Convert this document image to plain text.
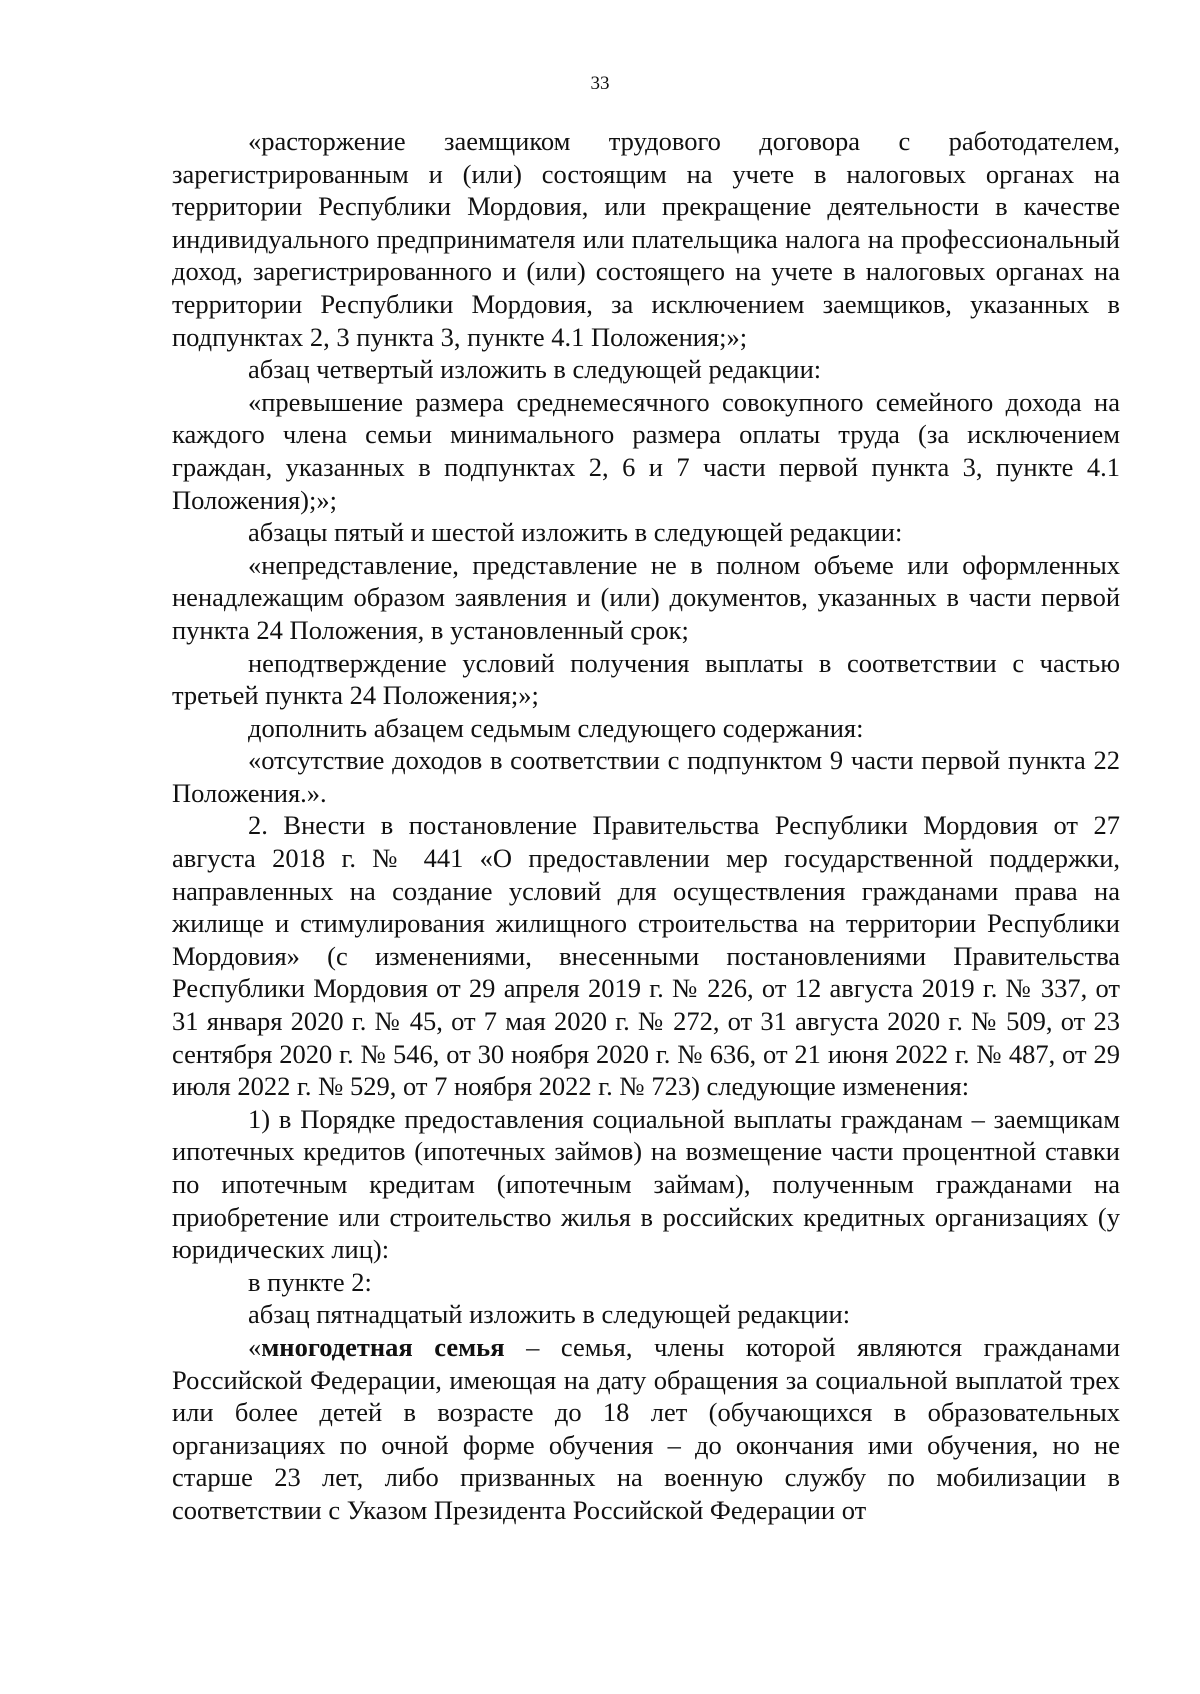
33

«расторжение заемщиком трудового договора с работодателем, зарегистрированным и (или) состоящим на учете в налоговых органах на территории Республики Мордовия, или прекращение деятельности в качестве индивидуального предпринимателя или плательщика налога на профессиональный доход, зарегистрированного и (или) состоящего на учете в налоговых органах на территории Республики Мордовия, за исключением заемщиков, указанных в подпунктах 2, 3 пункта 3, пункте 4.1 Положения;»;

абзац четвертый изложить в следующей редакции:

«превышение размера среднемесячного совокупного семейного дохода на каждого члена семьи минимального размера оплаты труда (за исключением граждан, указанных в подпунктах 2, 6 и 7 части первой пункта 3, пункте 4.1 Положения);»;

абзацы пятый и шестой изложить в следующей редакции:

«непредставление, представление не в полном объеме или оформленных ненадлежащим образом заявления и (или) документов, указанных в части первой пункта 24 Положения, в установленный срок;

неподтверждение условий получения выплаты в соответствии с частью третьей пункта 24 Положения;»;

дополнить абзацем седьмым следующего содержания:

«отсутствие доходов в соответствии с подпунктом 9 части первой пункта 22 Положения.».

2. Внести в постановление Правительства Республики Мордовия от 27 августа 2018 г. № 441 «О предоставлении мер государственной поддержки, направленных на создание условий для осуществления гражданами права на жилище и стимулирования жилищного строительства на территории Республики Мордовия» (с изменениями, внесенными постановлениями Правительства Республики Мордовия от 29 апреля 2019 г. № 226, от 12 августа 2019 г. № 337, от 31 января 2020 г. № 45, от 7 мая 2020 г. № 272, от 31 августа 2020 г. № 509, от 23 сентября 2020 г. № 546, от 30 ноября 2020 г. № 636, от 21 июня 2022 г. № 487, от 29 июля 2022 г. № 529, от 7 ноября 2022 г. № 723) следующие изменения:

1) в Порядке предоставления социальной выплаты гражданам – заемщикам ипотечных кредитов (ипотечных займов) на возмещение части процентной ставки по ипотечным кредитам (ипотечным займам), полученным гражданами на приобретение или строительство жилья в российских кредитных организациях (у юридических лиц):

в пункте 2:

абзац пятнадцатый изложить в следующей редакции:

«многодетная семья – семья, члены которой являются гражданами Российской Федерации, имеющая на дату обращения за социальной выплатой трех или более детей в возрасте до 18 лет (обучающихся в образовательных организациях по очной форме обучения – до окончания ими обучения, но не старше 23 лет, либо призванных на военную службу по мобилизации в соответствии с Указом Президента Российской Федерации от
